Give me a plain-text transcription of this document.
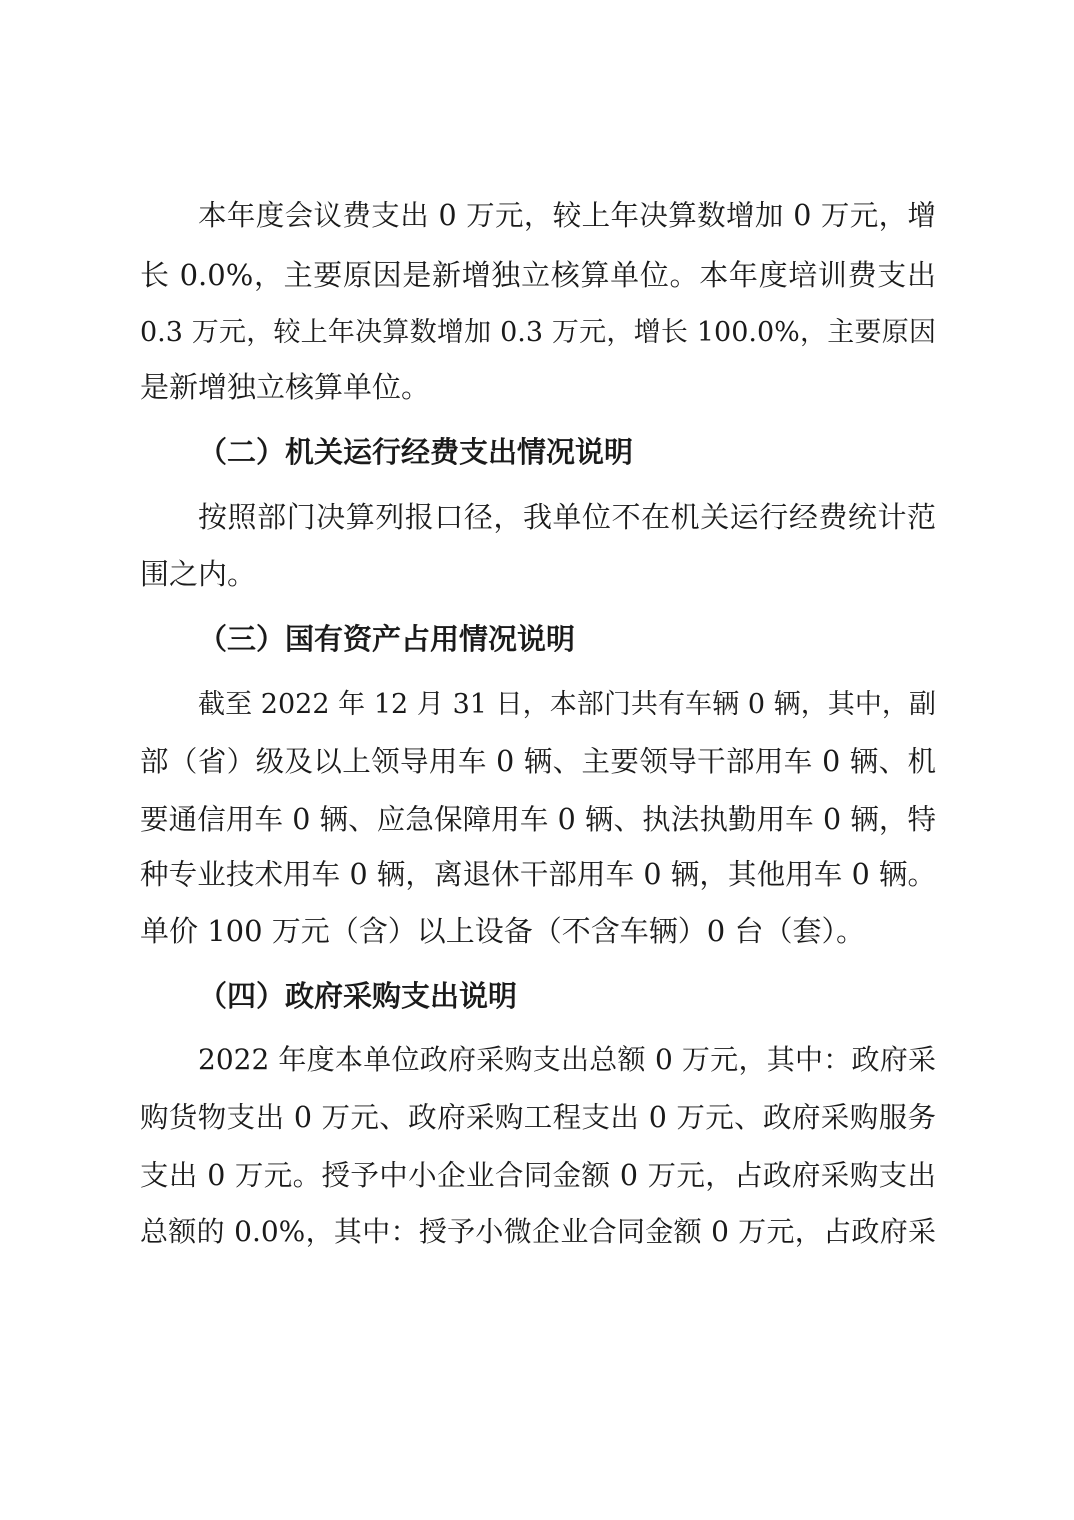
本年度会议费支出 0 万元，较上年决算数增加 0 万元，增
长 0.0%，主要原因是新增独立核算单位。本年度培训费支出
0.3 万元，较上年决算数增加 0.3 万元，增长 100.0%，主要原因
是新增独立核算单位。
（二）机关运行经费支出情况说明
按照部门决算列报口径，我单位不在机关运行经费统计范
围之内。
（三）国有资产占用情况说明
截至 2022 年 12 月 31 日，本部门共有车辆 0 辆，其中，副
部（省）级及以上领导用车 0 辆、主要领导干部用车 0 辆、机
要通信用车 0 辆、应急保障用车 0 辆、执法执勤用车 0 辆，特
种专业技术用车 0 辆，离退休干部用车 0 辆，其他用车 0 辆。
单价 100 万元（含）以上设备（不含车辆）0 台（套）。
（四）政府采购支出说明
2022 年度本单位政府采购支出总额 0 万元，其中：政府采
购货物支出 0 万元、政府采购工程支出 0 万元、政府采购服务
支出 0 万元。授予中小企业合同金额 0 万元，占政府采购支出
总额的 0.0%，其中：授予小微企业合同金额 0 万元，占政府采
